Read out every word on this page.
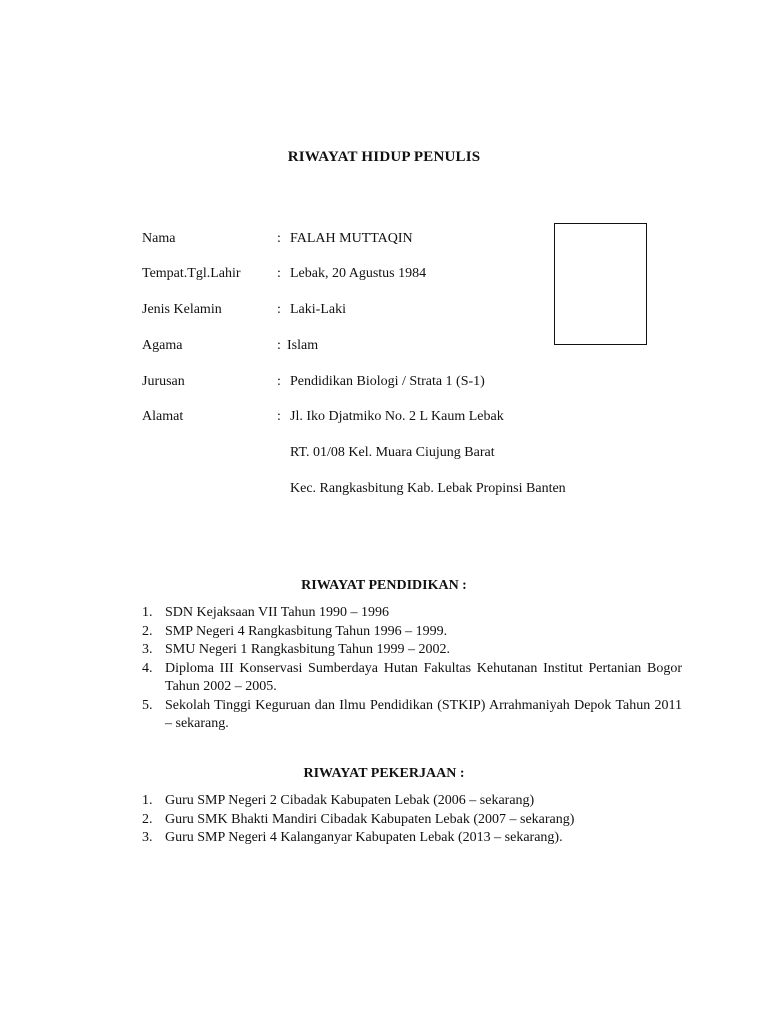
RIWAYAT HIDUP PENULIS
Nama	: FALAH MUTTAQIN
Tempat.Tgl.Lahir	: Lebak, 20 Agustus 1984
Jenis Kelamin	: Laki-Laki
Agama	: Islam
Jurusan	: Pendidikan Biologi / Strata 1 (S-1)
Alamat	: Jl. Iko Djatmiko No. 2 L Kaum Lebak
RT. 01/08 Kel. Muara Ciujung Barat
Kec. Rangkasbitung Kab. Lebak Propinsi Banten
RIWAYAT PENDIDIKAN :
1. SDN Kejaksaan VII Tahun 1990 – 1996
2. SMP Negeri 4 Rangkasbitung Tahun 1996 – 1999.
3. SMU Negeri 1 Rangkasbitung Tahun 1999 – 2002.
4. Diploma III Konservasi Sumberdaya Hutan Fakultas Kehutanan Institut Pertanian Bogor Tahun 2002 – 2005.
5. Sekolah Tinggi Keguruan dan Ilmu Pendidikan (STKIP) Arrahmaniyah Depok Tahun 2011 – sekarang.
RIWAYAT PEKERJAAN :
1. Guru SMP Negeri 2 Cibadak Kabupaten Lebak (2006 – sekarang)
2. Guru SMK Bhakti Mandiri Cibadak Kabupaten Lebak (2007 – sekarang)
3. Guru SMP Negeri 4 Kalanganyar Kabupaten Lebak (2013 – sekarang).
